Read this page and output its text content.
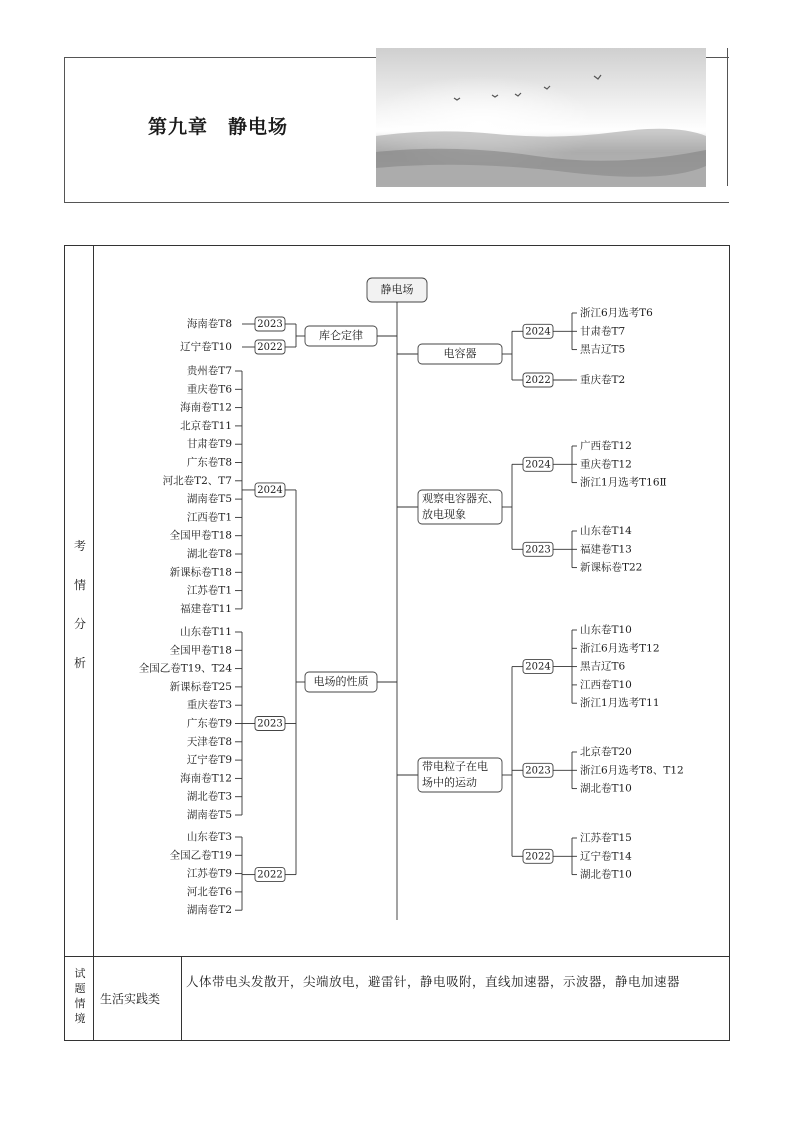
第九章　静电场
考
情
分
析
试
题
情
境
生活实践类
人体带电头发散开，尖端放电，避雷针，静电吸附，直线加速器，示波器，静电加速器
静电场
库仑定律
2023
海南卷T8
2022
辽宁卷T10
电场的性质
贵州卷T7
重庆卷T6
海南卷T12
北京卷T11
甘肃卷T9
广东卷T8
河北卷T2、T7
湖南卷T5
江西卷T1
全国甲卷T18
湖北卷T8
新课标卷T18
江苏卷T1
福建卷T11
2024
山东卷T11
全国甲卷T18
全国乙卷T19、T24
新课标卷T25
重庆卷T3
广东卷T9
天津卷T8
辽宁卷T9
海南卷T12
湖北卷T3
湖南卷T5
2023
山东卷T3
全国乙卷T19
江苏卷T9
河北卷T6
湖南卷T2
2022
电容器
浙江6月选考T6
甘肃卷T7
黑吉辽T5
2024
重庆卷T2
2022
观察电容器充、
放电现象
广西卷T12
重庆卷T12
浙江1月选考T16Ⅱ
2024
山东卷T14
福建卷T13
新课标卷T22
2023
带电粒子在电
场中的运动
山东卷T10
浙江6月选考T12
黑吉辽T6
江西卷T10
浙江1月选考T11
2024
北京卷T20
浙江6月选考T8、T12
湖北卷T10
2023
江苏卷T15
辽宁卷T14
湖北卷T10
2022
